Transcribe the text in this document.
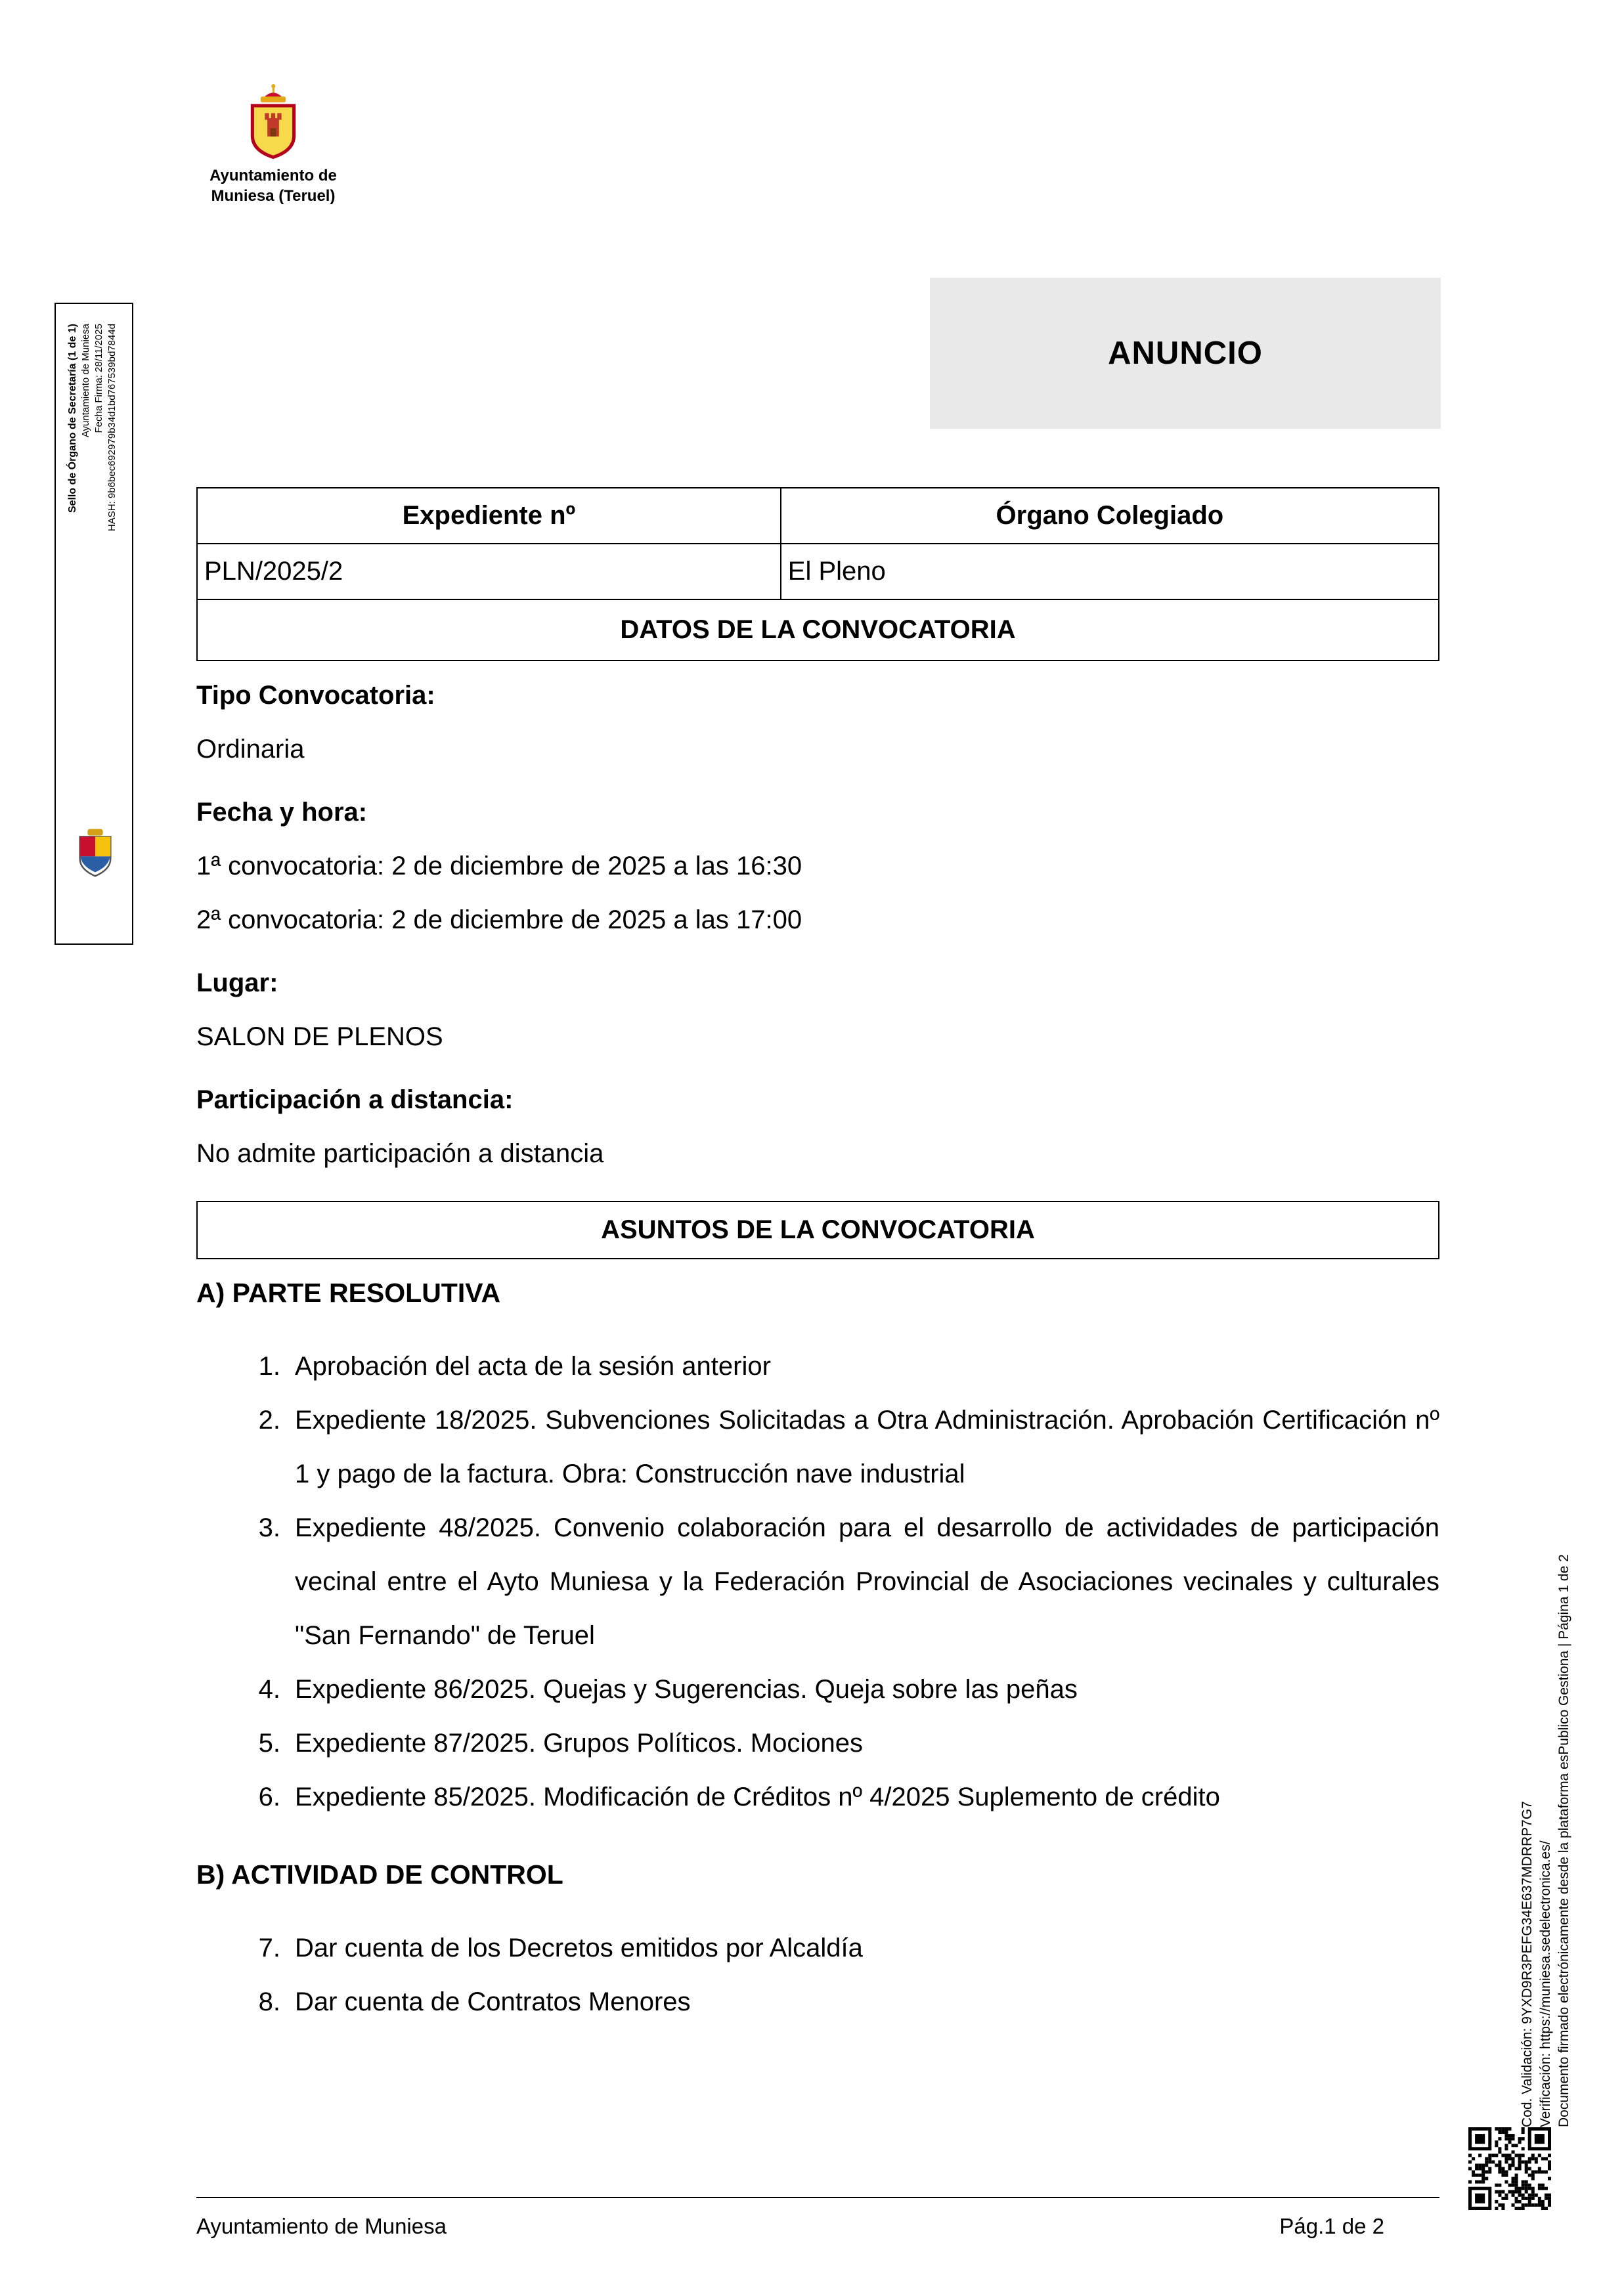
Ayuntamiento de
Muniesa (Teruel)
Sello de Órgano de Secretaría (1 de 1) Ayuntamiento de Muniesa Fecha Firma: 28/11/2025 HASH: 9b6bec692979b34d1bd767539bd7844d	ANUNCIO
Expediente nº	Órgano Colegiado
PLN/2025/2	El Pleno
DATOS DE LA CONVOCATORIA	
Tipo Convocatoria:
Ordinaria
Fecha y hora:
1ª convocatoria: 2 de diciembre de 2025 a las 16:30
2ª convocatoria: 2 de diciembre de 2025 a las 17:00
Lugar:
SALON DE PLENOS
Participación a distancia:
No admite participación a distancia
ASUNTOS DE LA CONVOCATORIA
A) PARTE RESOLUTIVA
1. Aprobación del acta de la sesión anterior
2. Expediente 18/2025. Subvenciones Solicitadas a Otra Administración. Aprobación Certificación nº 1 y pago de la factura. Obra: Construcción nave industrial
3. Expediente 48/2025. Convenio colaboración para el desarrollo de actividades de participación vecinal entre el Ayto Muniesa y la Federación Provincial de Asociaciones vecinales y culturales "San Fernando" de Teruel
4. Expediente 86/2025. Quejas y Sugerencias. Queja sobre las peñas
5. Expediente 87/2025. Grupos Políticos. Mociones
6. Expediente 85/2025. Modificación de Créditos nº 4/2025 Suplemento de crédito
B) ACTIVIDAD DE CONTROL
7. Dar cuenta de los Decretos emitidos por Alcaldía
8. Dar cuenta de Contratos Menores
Ayuntamiento de Muniesa	Pág.1 de 2
Cod. Validación: 9YXD9R3PEFG34E637MDRRP7G7 Verificación: https://muniesa.sedelectronica.es/ Documento firmado electrónicamente desde la plataforma esPublico Gestiona | Página 1 de 2
